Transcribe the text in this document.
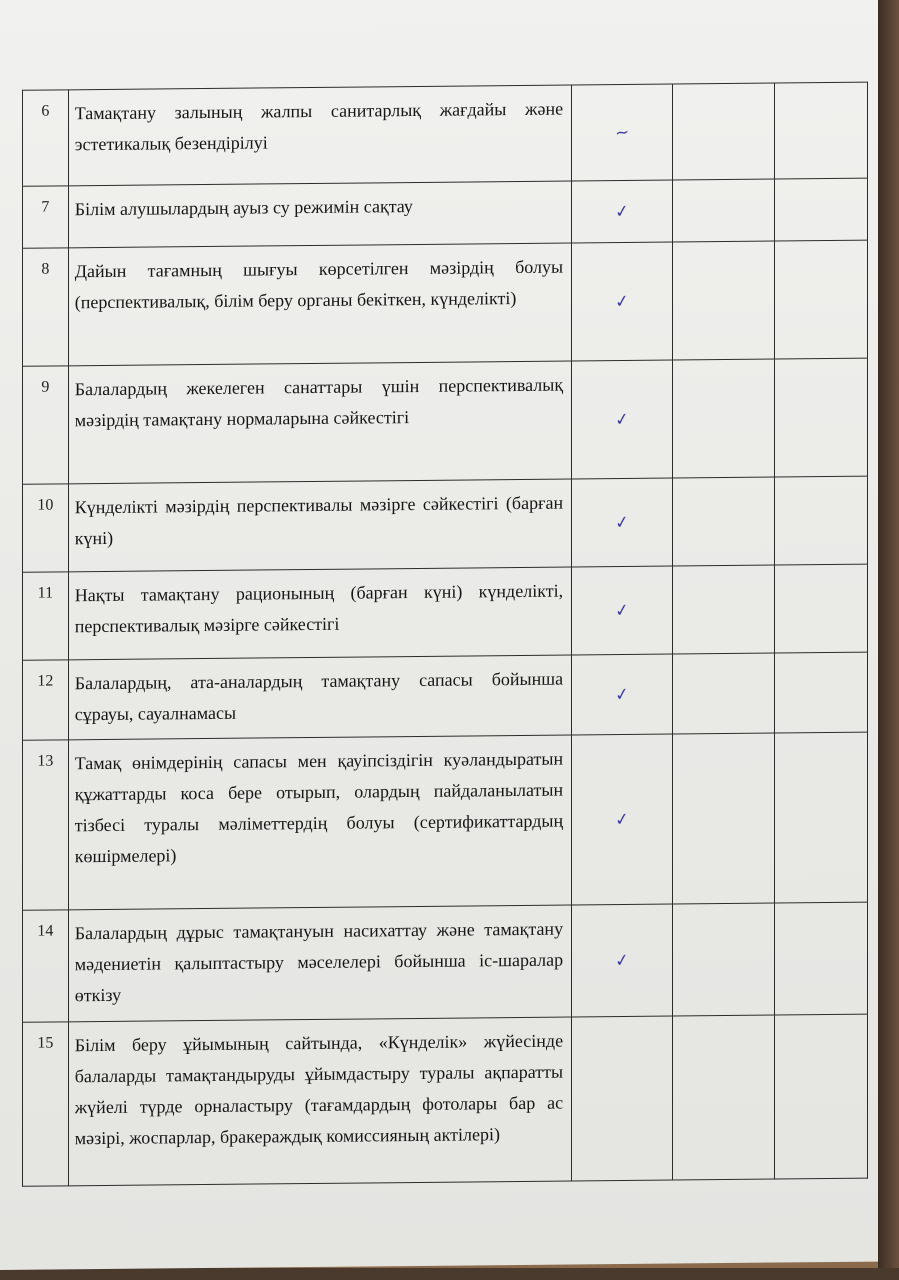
6	Тамақтану залының жалпы санитарлық жағдайы және эстетикалық безендірілуі	~		
7	Білім алушылардың ауыз су режимін сақтау	✓		
8	Дайын тағамның шығуы көрсетілген мәзірдің болуы (перспективалық, білім беру органы бекіткен, күнделікті)	✓		
9	Балалардың жекелеген санаттары үшін перспективалық мәзірдің тамақтану нормаларына сәйкестігі	✓		
10	Күнделікті мәзірдің перспективалы мәзірге сәйкестігі (барған күні)	✓		
11	Нақты тамақтану рационының (барған күні) күнделікті, перспективалық мәзірге сәйкестігі	✓		
12	Балалардың, ата-аналардың тамақтану сапасы бойынша сұрауы, сауалнамасы	✓		
13	Тамақ өнімдерінің сапасы мен қауіпсіздігін куәландыратын құжаттарды коса бере отырып, олардың пайдаланылатын тізбесі туралы мәліметтердің болуы (сертификаттардың көшірмелері)	✓		
14	Балалардың дұрыс тамақтануын насихаттау және тамақтану мәдениетін қалыптастыру мәселелері бойынша іс-шаралар өткізу	✓		
15	Білім беру ұйымының сайтында, «Күнделік» жүйесінде балаларды тамақтандыруды ұйымдастыру туралы ақпаратты жүйелі түрде орналастыру (тағамдардың фотолары бар ас мәзірі, жоспарлар, бракераждық комиссияның актілері)			
